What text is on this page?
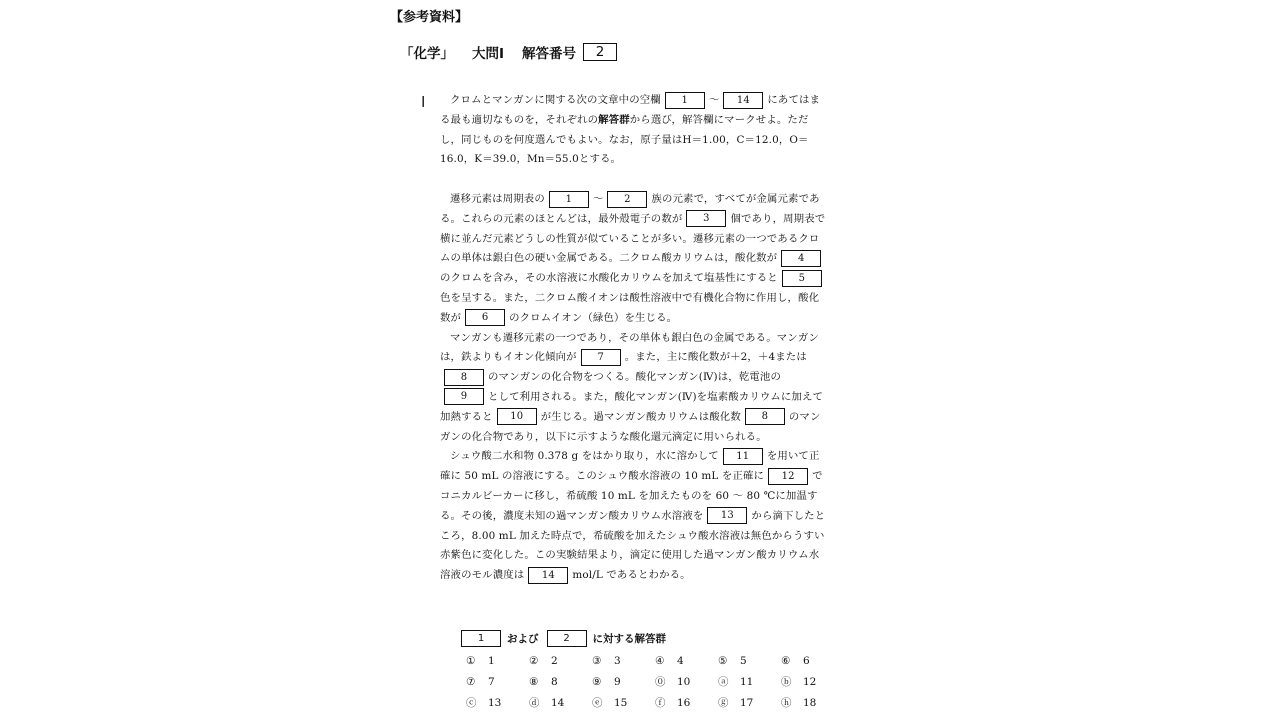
【参考資料】
「化学」 大問Ⅰ 解答番号	2
I	クロムとマンガンに関する次の文章中の空欄 1 ～ 14 にあてはまる最も適切なものを，それぞれの解答群から選び，解答欄にマークせよ。ただし，同じものを何度選んでもよい。なお，原子量はH＝1.00，C＝12.0，O＝16.0，K＝39.0，Mn＝55.0とする。

遷移元素は周期表の 1 ～ 2 族の元素で，すべてが金属元素である。これらの元素のほとんどは，最外殻電子の数が 3 個であり，周期表で横に並んだ元素どうしの性質が似ていることが多い。遷移元素の一つであるクロムの単体は銀白色の硬い金属である。二クロム酸カリウムは，酸化数が 4のクロムを含み，その水溶液に水酸化カリウムを加えて塩基性にすると 5色を呈する。また，二クロム酸イオンは酸性溶液中で有機化合物に作用し，酸化数が 6 のクロムイオン（緑色）を生じる。

マンガンも遷移元素の一つであり，その単体も銀白色の金属である。マンガンは，鉄よりもイオン化傾向が 7 。また，主に酸化数が＋2，＋4または8 のマンガンの化合物をつくる。酸化マンガン(Ⅳ)は，乾電池の9 として利用される。また，酸化マンガン(Ⅳ)を塩素酸カリウムに加えて加熱すると 10 が生じる。過マンガン酸カリウムは酸化数 8 のマンガンの化合物であり，以下に示すような酸化還元滴定に用いられる。

シュウ酸二水和物 0.378 g をはかり取り，水に溶かして 11 を用いて正確に 50 mL の溶液にする。このシュウ酸水溶液の 10 mL を正確に 12 でコニカルビーカーに移し，希硫酸 10 mL を加えたものを 60 ～ 80 ℃に加温する。その後，濃度未知の過マンガン酸カリウム水溶液を 13 から滴下したところ，8.00 mL 加えた時点で，希硫酸を加えたシュウ酸水溶液は無色からうすい赤紫色に変化した。この実験結果より，滴定に使用した過マンガン酸カリウム水溶液のモル濃度は 14 mol/L であるとわかる。

1	および	2	に対する解答群
① 1	② 2	③ 3	④ 4	⑤ 5	⑥ 6
⑦ 7	⑧ 8	⑨ 9	⓪ 10	ⓐ 11	ⓑ 12
ⓒ 13	ⓓ 14	ⓔ 15	ⓕ 16	ⓖ 17	ⓗ 18
